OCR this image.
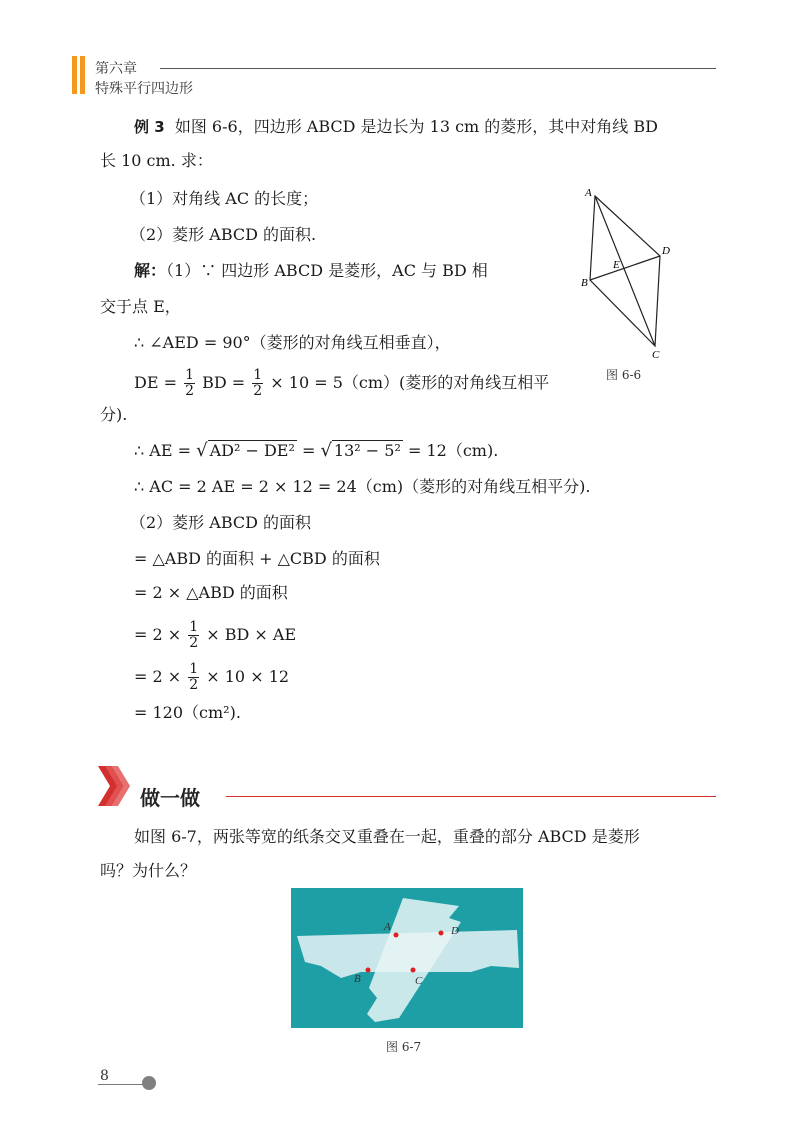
第六章
特殊平行四边形
例 3 如图 6-6，四边形 ABCD 是边长为 13 cm 的菱形，其中对角线 BD
长 10 cm. 求：
（1）对角线 AC 的长度；
（2）菱形 ABCD 的面积.
解：（1）∵ 四边形 ABCD 是菱形，AC 与 BD 相
交于点 E，
∴ ∠AED = 90°（菱形的对角线互相垂直），
DE = $\frac{1}{2}$ BD = $\frac{1}{2} \times 10 = 5(cm)$(菱形的对角线互相平
分).
∴ AE = √ AD² − DE² = √ 13² − 5² = 12（cm).
∴ AC = 2 AE = 2 × 12 = 24（cm)（菱形的对角线互相平分).
（2）菱形 ABCD 的面积
= △ABD 的面积 + △CBD 的面积
= 2 × △ABD 的面积
= $2 \times \frac{1}{2}$ × BD × AE
= $2 \times \frac{1}{2} \times 10 \times 12$
= 120（cm²).
A
D
B
E
C
图 6-6
做一做
如图 6-7，两张等宽的纸条交叉重叠在一起，重叠的部分 ABCD 是菱形
吗？为什么？
A	D
B	C
图 6-7
8
